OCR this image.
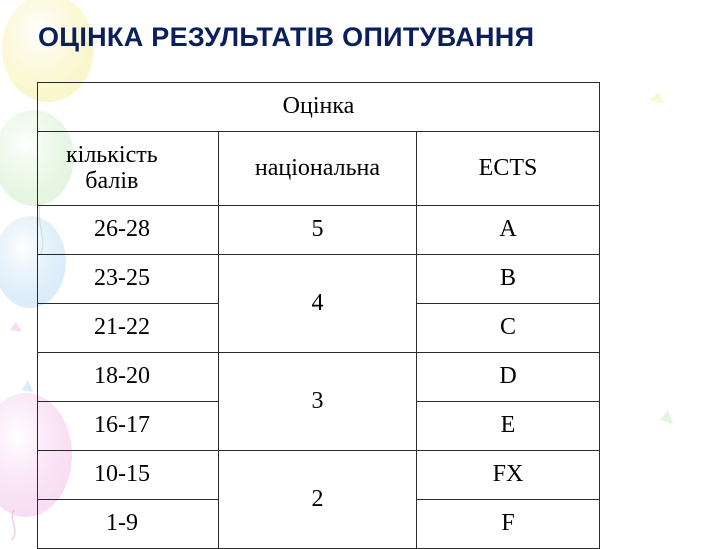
ОЦІНКА РЕЗУЛЬТАТІВ ОПИТУВАННЯ
Оцінка		
кількість
балів	національна	ECTS
26-28	5	A
23-25	4	B
21-22		C
18-20	3	D
16-17		E
10-15	2	FX
1-9		F
